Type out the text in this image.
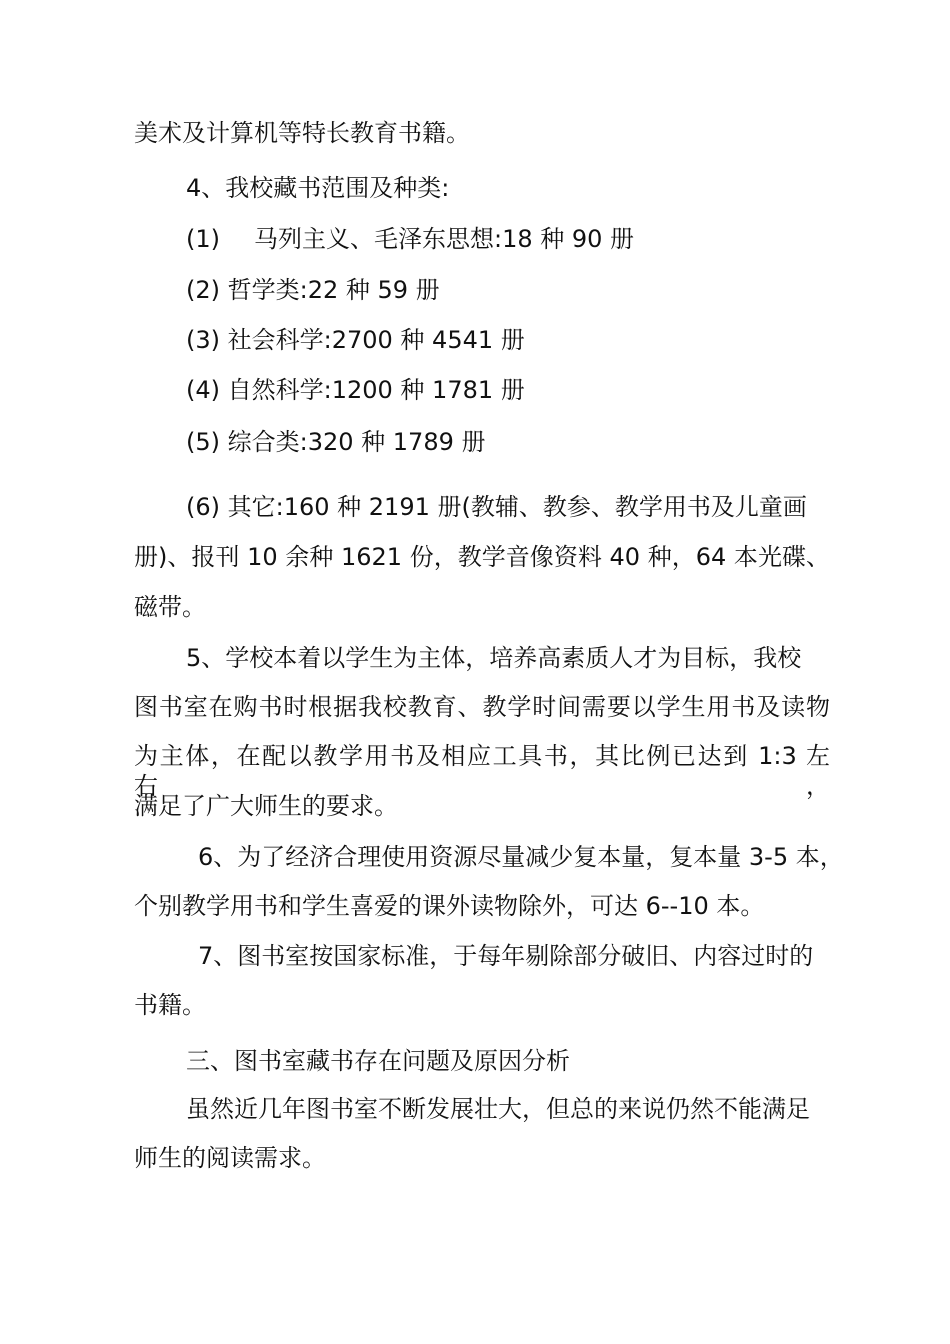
美术及计算机等特长教育书籍。
4、我校藏书范围及种类:
(1) 马列主义、毛泽东思想:18 种 90 册
(2) 哲学类:22 种 59 册
(3) 社会科学:2700 种 4541 册
(4) 自然科学:1200 种 1781 册
(5) 综合类:320 种 1789 册
(6) 其它:160 种 2191 册(教辅、教参、教学用书及儿童画
册)、报刊 10 余种 1621 份，教学音像资料 40 种，64 本光碟、
磁带。
5、学校本着以学生为主体，培养高素质人才为目标，我校
图书室在购书时根据我校教育、教学时间需要以学生用书及读物
为主体，在配以教学用书及相应工具书，其比例已达到 1:3 左右，
满足了广大师生的要求。
6、为了经济合理使用资源尽量减少复本量，复本量 3-5 本，
个别教学用书和学生喜爱的课外读物除外，可达 6--10 本。
7、图书室按国家标准，于每年剔除部分破旧、内容过时的
书籍。
三、图书室藏书存在问题及原因分析
虽然近几年图书室不断发展壮大，但总的来说仍然不能满足
师生的阅读需求。
